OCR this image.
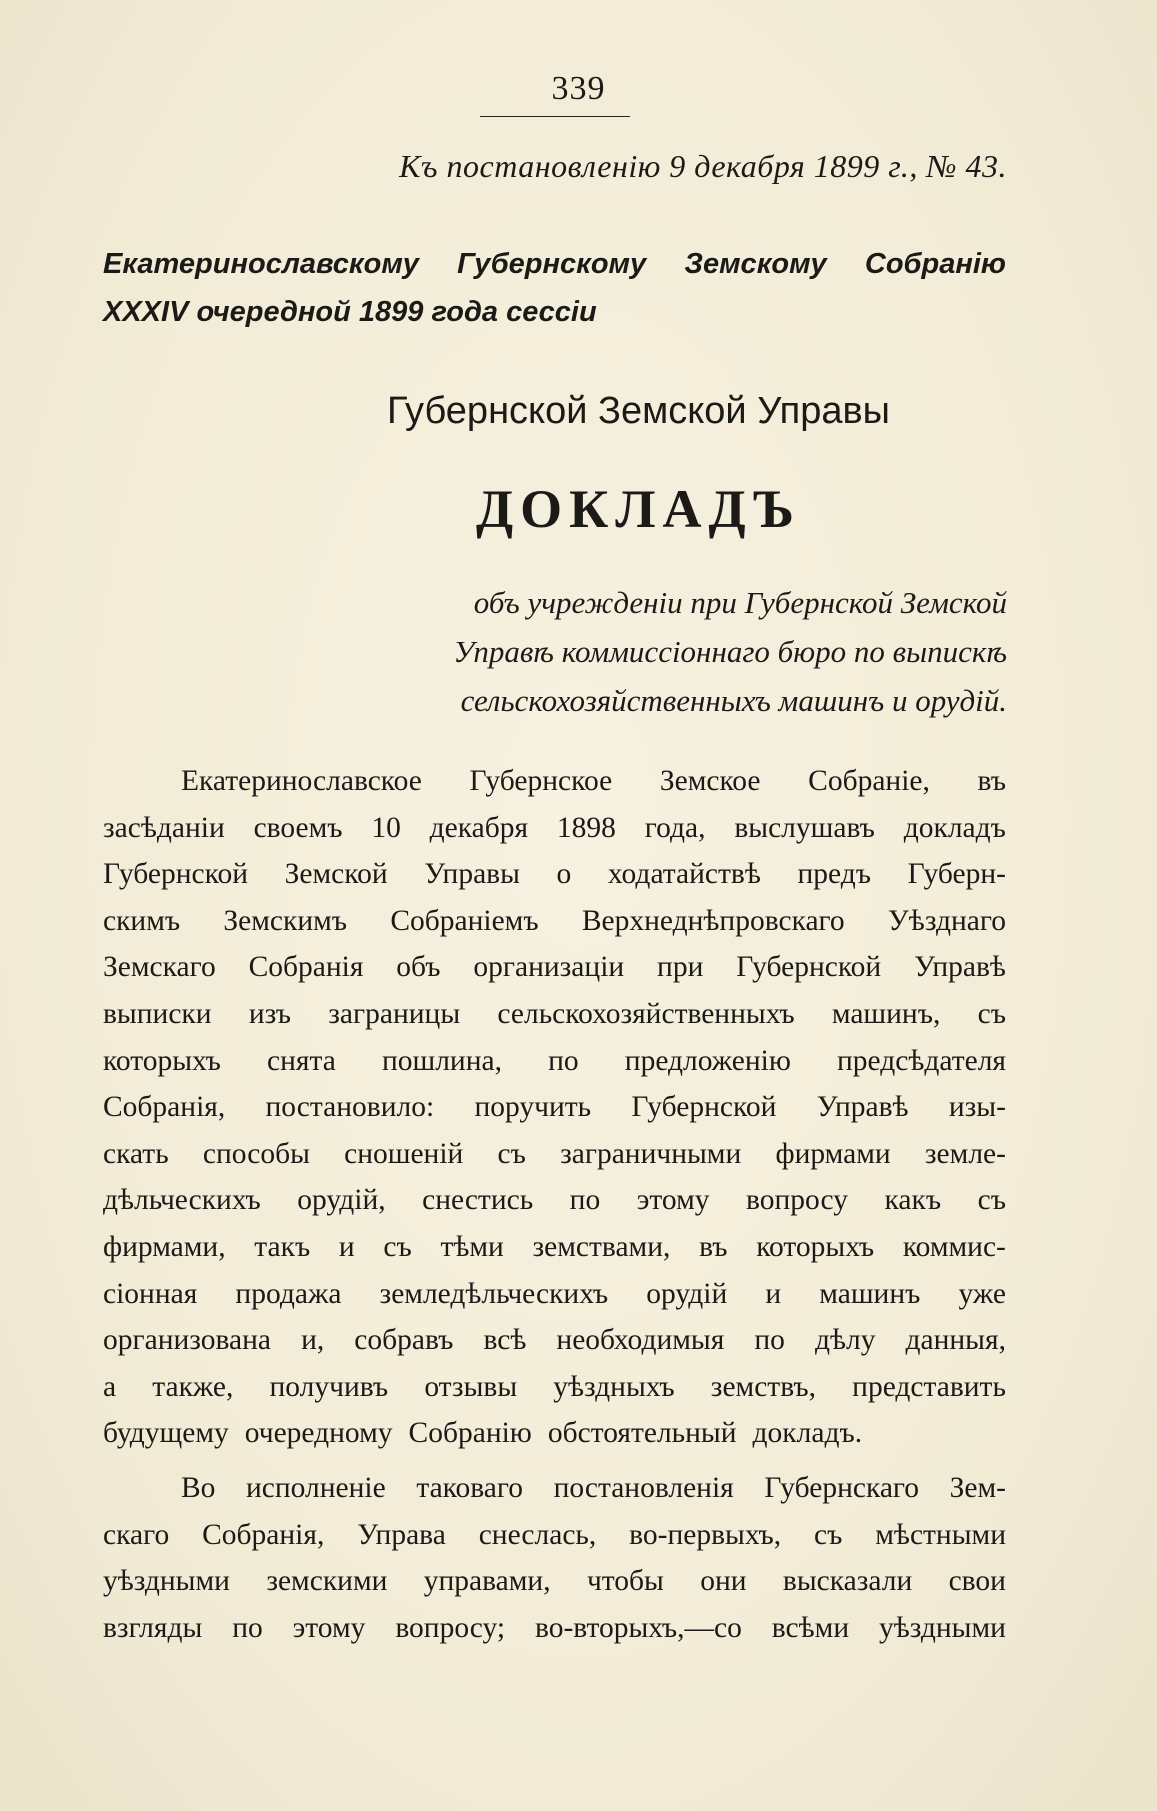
339
Къ постановленію 9 декабря 1899 г., № 43.
Екатеринославскому Губернскому Земскому Собранію
XXXIV очередной 1899 года сессіи
Губернской Земской Управы
ДОКЛАДЪ
объ учрежденіи при Губернской Земской
Управѣ коммиссіоннаго бюро по выпискѣ
сельскохозяйственныхъ машинъ и орудій.
Екатеринославское Губернское Земское Собраніе, въ
засѣданіи своемъ 10 декабря 1898 года, выслушавъ докладъ
Губернской Земской Управы о ходатайствѣ предъ Губерн-
скимъ Земскимъ Собраніемъ Верхнеднѣпровскаго Уѣзднаго
Земскаго Собранія объ организаціи при Губернской Управѣ
выписки изъ заграницы сельскохозяйственныхъ машинъ, съ
которыхъ снята пошлина, по предложенію предсѣдателя
Собранія, постановило: поручить Губернской Управѣ изы-
скать способы сношеній съ заграничными фирмами земле-
дѣльческихъ орудій, снестись по этому вопросу какъ съ
фирмами, такъ и съ тѣми земствами, въ которыхъ коммис-
сіонная продажа земледѣльческихъ орудій и машинъ уже
организована и, собравъ всѣ необходимыя по дѣлу данныя,
а также, получивъ отзывы уѣздныхъ земствъ, представить
будущему очередному Собранію обстоятельный докладъ.
Во исполненіе таковаго постановленія Губернскаго Зем-
скаго Собранія, Управа снеслась, во-первыхъ, съ мѣстными
уѣздными земскими управами, чтобы они высказали свои
взгляды по этому вопросу; во-вторыхъ,—со всѣми уѣздными
